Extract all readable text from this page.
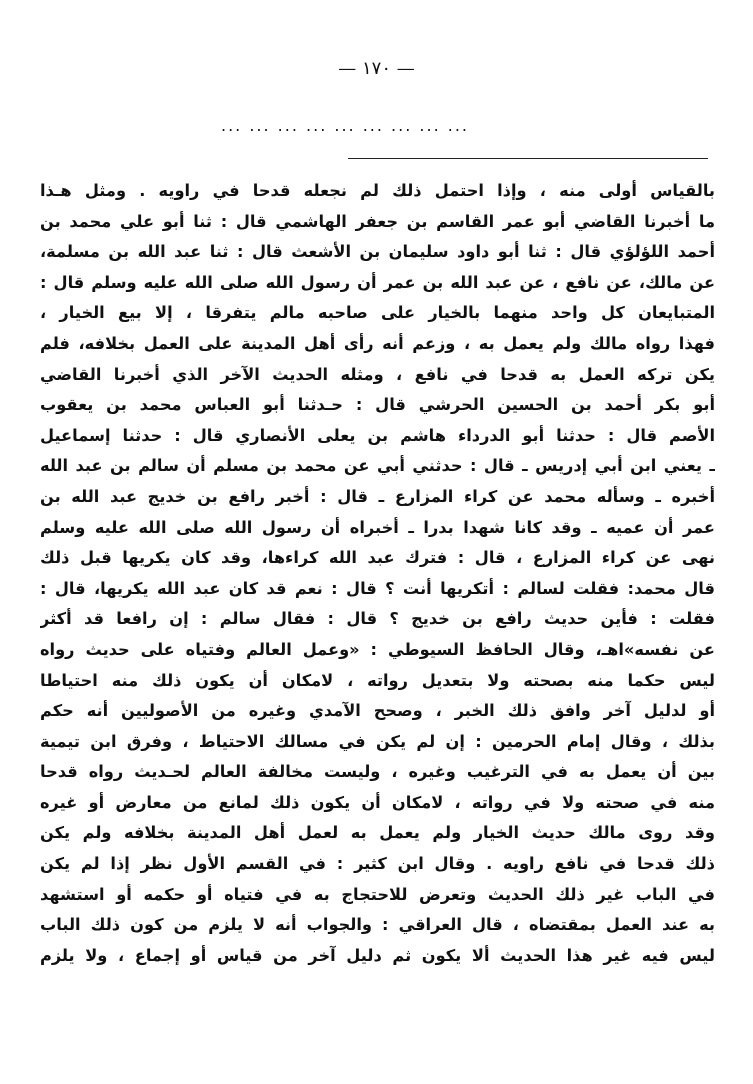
— ١٧٠ —
... ... ... ... ... ... ... ... ...
بالقياس أولى منه ، وإذا احتمل ذلك لم نجعله قدحا في راويه . ومثل هـذا
ما أخبرنا القاضي أبو عمر القاسم بن جعفر الهاشمي قال : ثنا أبو علي محمد بن
أحمد اللؤلؤي قال : ثنا أبو داود سليمان بن الأشعث قال : ثنا عبد الله بن مسلمة،
عن مالك، عن نافع ، عن عبد الله بن عمر أن رسول الله صلى الله عليه وسلم قال :
المتبايعان كل واحد منهما بالخيار على صاحبه مالم يتفرقا ، إلا بيع الخيار ،
فهذا رواه مالك ولم يعمل به ، وزعم أنه رأى أهل المدينة على العمل بخلافه، فلم
يكن تركه العمل به قدحا في نافع ، ومثله الحديث الآخر الذي أخبرنا القاضي
أبو بكر أحمد بن الحسين الحرشي قال : حـدثنا أبو العباس محمد بن يعقوب
الأصم قال : حدثنا أبو الدرداء هاشم بن يعلى الأنصاري قال : حدثنا إسماعيل
ـ يعني ابن أبي إدريس ـ قال : حدثني أبي عن محمد بن مسلم أن سالم بن عبد الله
أخبره ـ وسأله محمد عن كراء المزارع ـ قال : أخبر رافع بن خديج عبد الله بن
عمر أن عميه ـ وقد كانا شهدا بدرا ـ أخبراه أن رسول الله صلى الله عليه وسلم
نهى عن كراء المزارع ، قال : فترك عبد الله كراءها، وقد كان يكريها قبل ذلك
قال محمد: فقلت لسالم : أتكريها أنت ؟ قال : نعم قد كان عبد الله يكريها، قال :
فقلت : فأين حديث رافع بن خديج ؟ قال : فقال سالم : إن رافعا قد أكثر
عن نفسه»اهـ، وقال الحافظ السيوطي : «وعمل العالم وفتياه على حديث رواه
ليس حكما منه بصحته ولا بتعديل رواته ، لامكان أن يكون ذلك منه احتياطا
أو لدليل آخر وافق ذلك الخبر ، وصحح الآمدي وغيره من الأصوليين أنه حكم
بذلك ، وقال إمام الحرمين : إن لم يكن في مسالك الاحتياط ، وفرق ابن تيمية
بين أن يعمل به في الترغيب وغيره ، وليست مخالفة العالم لحـديث رواه قدحا
منه في صحته ولا في رواته ، لامكان أن يكون ذلك لمانع من معارض أو غيره
وقد روى مالك حديث الخيار ولم يعمل به لعمل أهل المدينة بخلافه ولم يكن
ذلك قدحا في نافع راويه . وقال ابن كثير : في القسم الأول نظر إذا لم يكن
في الباب غير ذلك الحديث وتعرض للاحتجاج به في فتياه أو حكمه أو استشهد
به عند العمل بمقتضاه ، قال العراقي : والجواب أنه لا يلزم من كون ذلك الباب
ليس فيه غير هذا الحديث ألا يكون ثم دليل آخر من قياس أو إجماع ، ولا يلزم
